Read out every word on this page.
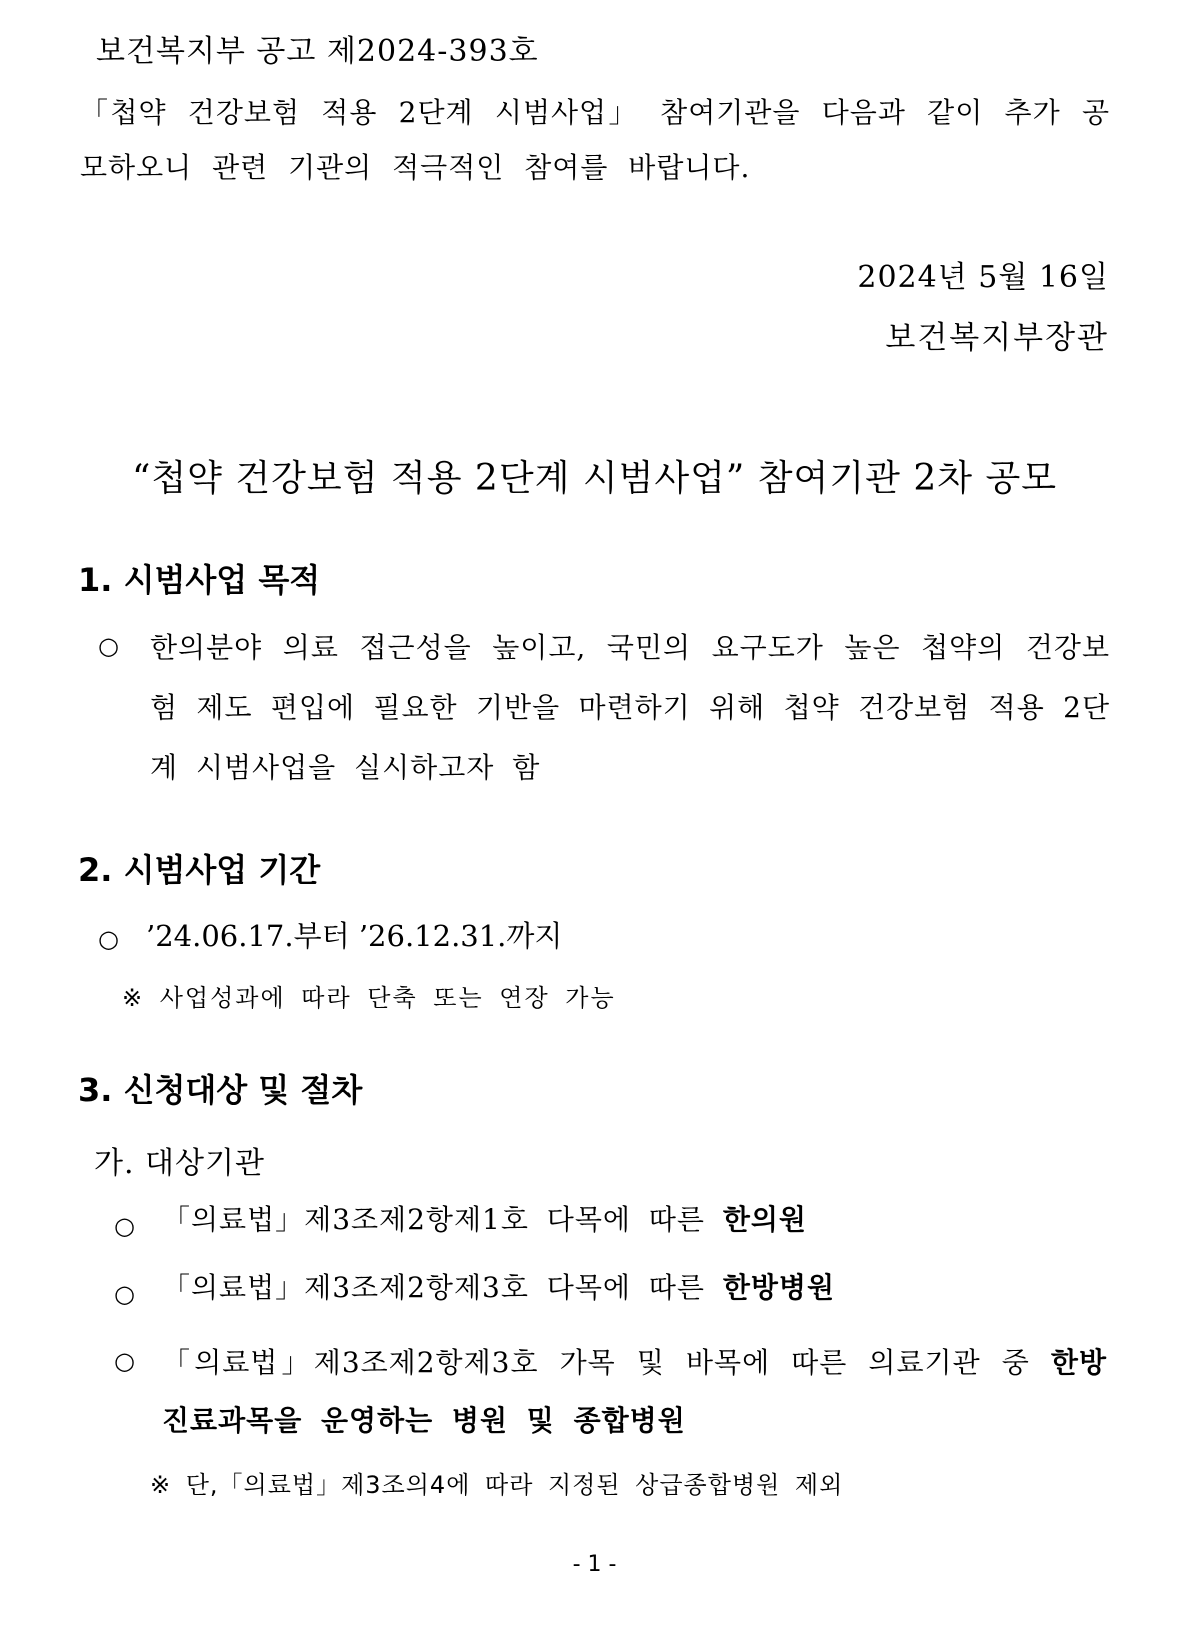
보건복지부 공고 제2024-393호
「첩약 건강보험 적용 2단계 시범사업」 참여기관을 다음과 같이 추가 공모하오니 관련 기관의 적극적인 참여를 바랍니다.
2024년 5월 16일
보건복지부장관
“첩약 건강보험 적용 2단계 시범사업” 참여기관 2차 공모
1. 시범사업 목적
○ 한의분야 의료 접근성을 높이고, 국민의 요구도가 높은 첩약의 건강보험 제도 편입에 필요한 기반을 마련하기 위해 첩약 건강보험 적용 2단계 시범사업을 실시하고자 함
2. 시범사업 기간
○ ’24.06.17.부터 ’26.12.31.까지
※ 사업성과에 따라 단축 또는 연장 가능
3. 신청대상 및 절차
가. 대상기관
○ 「의료법」제3조제2항제1호 다목에 따른 한의원
○ 「의료법」제3조제2항제3호 다목에 따른 한방병원
○ 「의료법」제3조제2항제3호 가목 및 바목에 따른 의료기관 중 한방 진료과목을 운영하는 병원 및 종합병원
※ 단,「의료법」제3조의4에 따라 지정된 상급종합병원 제외
- 1 -
